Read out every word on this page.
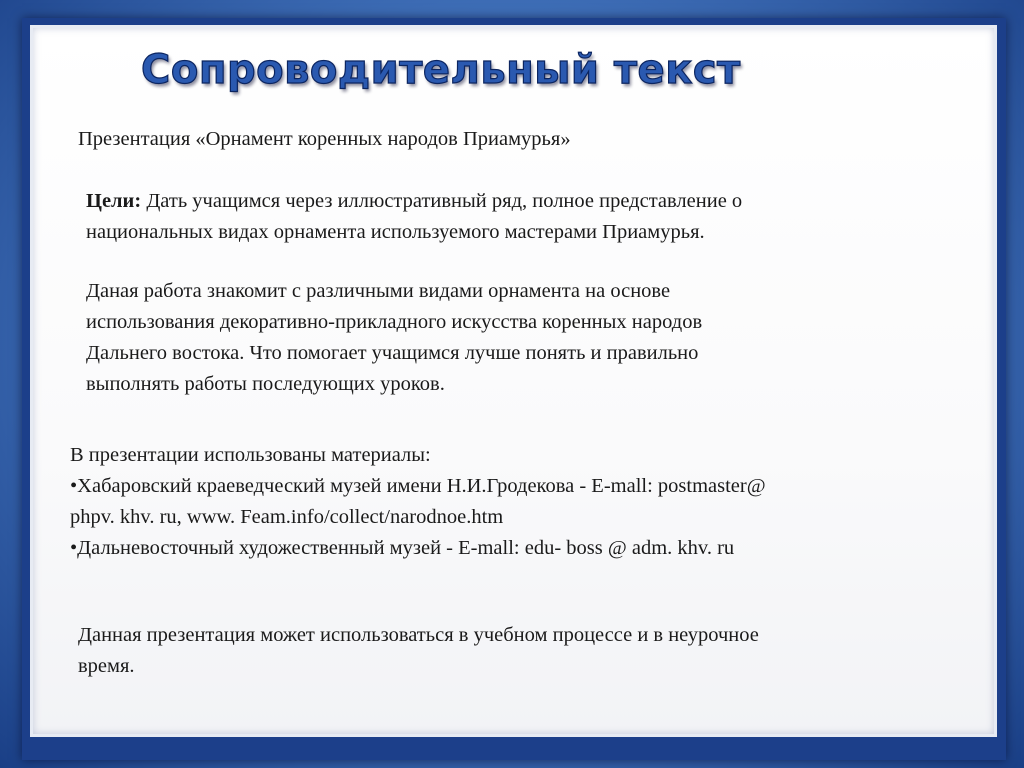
Сопроводительный текст

Презентация «Орнамент коренных народов Приамурья»

Цели: Дать учащимся через иллюстративный ряд, полное представление о
национальных видах орнамента используемого мастерами Приамурья.

Даная работа знакомит с различными видами орнамента на основе
использования декоративно-прикладного искусства коренных народов
Дальнего востока. Что помогает учащимся лучше понять и правильно
выполнять работы последующих уроков.

В презентации использованы материалы:
•Хабаровский краеведческий музей имени Н.И.Гродекова - E-mall: postmaster@
phpv. khv. ru, www. Feam.info/collect/narodnoe.htm
•Дальневосточный художественный музей - E-mall: edu- boss @ adm. khv. ru

Данная презентация может использоваться в учебном процессе и в неурочное
время.
